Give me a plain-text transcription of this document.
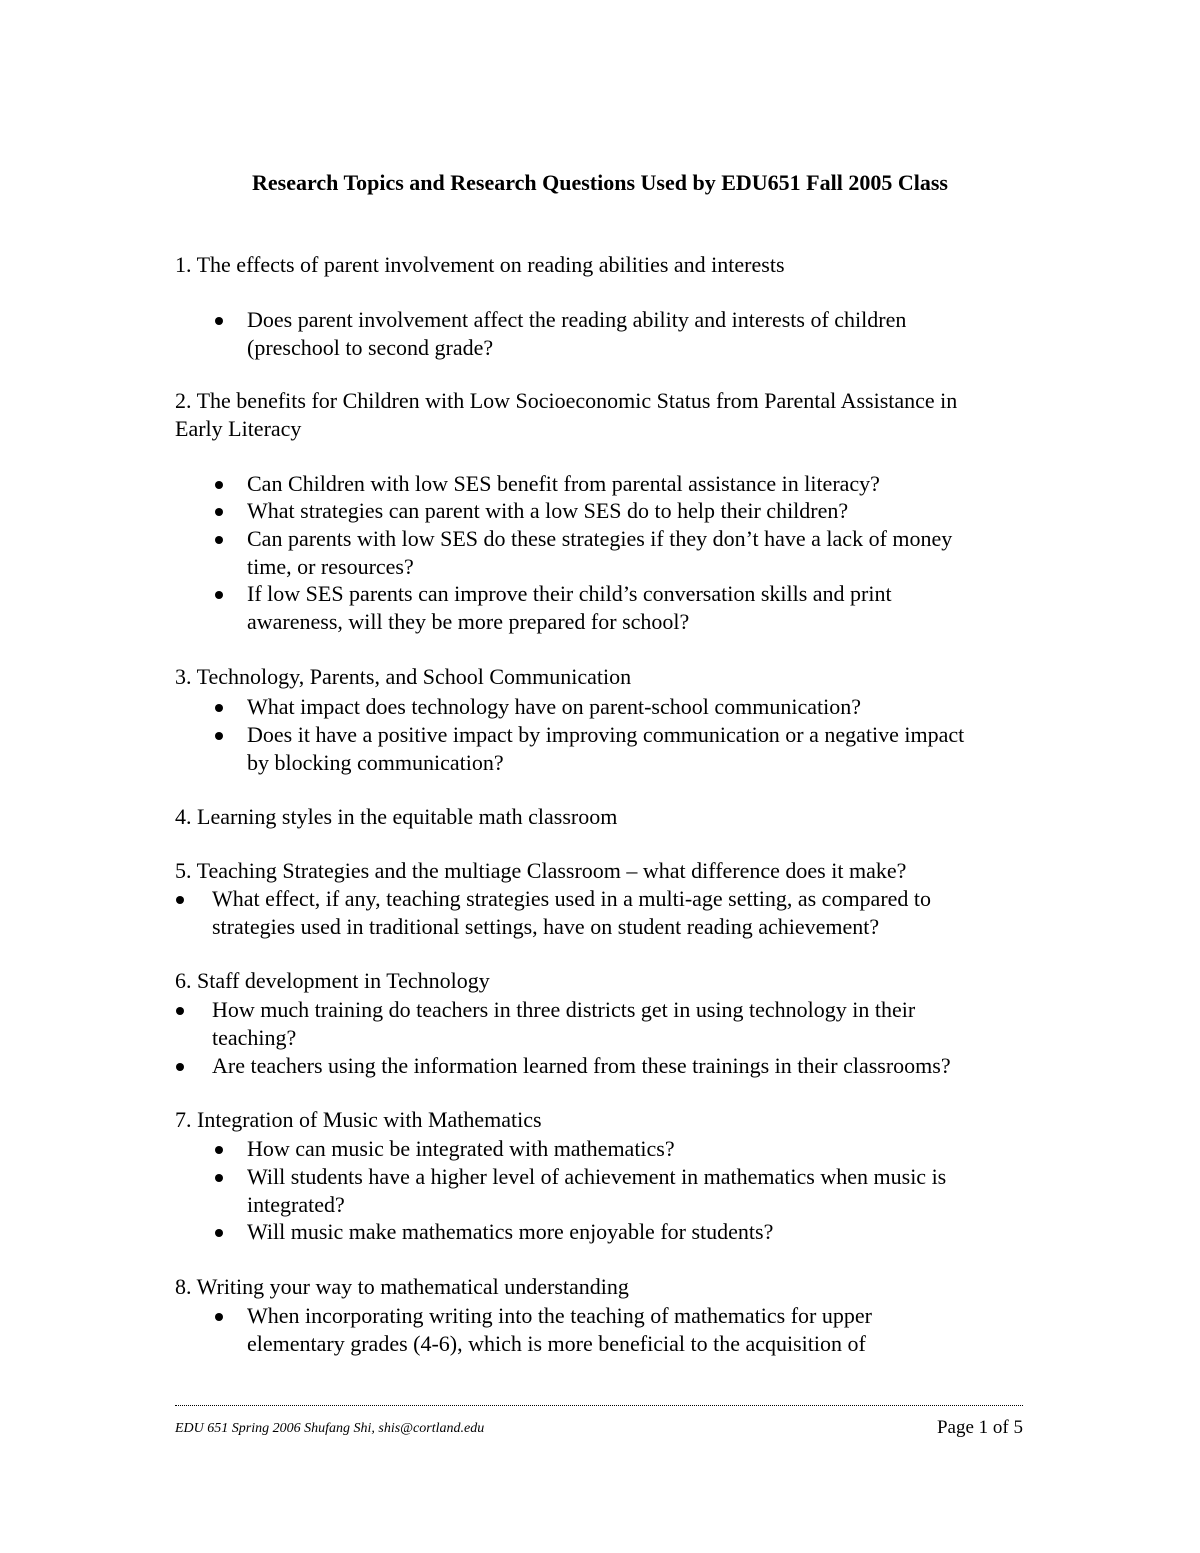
Research Topics and Research Questions Used by EDU651 Fall 2005 Class
1. The effects of parent involvement on reading abilities and interests
Does parent involvement affect the reading ability and interests of children
(preschool to second grade?
2. The benefits for Children with Low Socioeconomic Status from Parental Assistance in
Early Literacy
Can Children with low SES benefit from parental assistance in literacy?
What strategies can parent with a low SES do to help their children?
Can parents with low SES do these strategies if they don’t have a lack of money
time, or resources?
If low SES parents can improve their child’s conversation skills and print
awareness, will they be more prepared for school?
3. Technology, Parents, and School Communication
What impact does technology have on parent-school communication?
Does it have a positive impact by improving communication or a negative impact
by blocking communication?
4. Learning styles in the equitable math classroom
5. Teaching Strategies and the multiage Classroom – what difference does it make?
What effect, if any, teaching strategies used in a multi-age setting, as compared to
strategies used in traditional settings, have on student reading achievement?
6. Staff development in Technology
How much training do teachers in three districts get in using technology in their
teaching?
Are teachers using the information learned from these trainings in their classrooms?
7. Integration of Music with Mathematics
How can music be integrated with mathematics?
Will students have a higher level of achievement in mathematics when music is
integrated?
Will music make mathematics more enjoyable for students?
8. Writing your way to mathematical understanding
When incorporating writing into the teaching of mathematics for upper
elementary grades (4-6), which is more beneficial to the acquisition of
EDU 651 Spring 2006 Shufang Shi, shis@cortland.edu	Page 1 of 5
